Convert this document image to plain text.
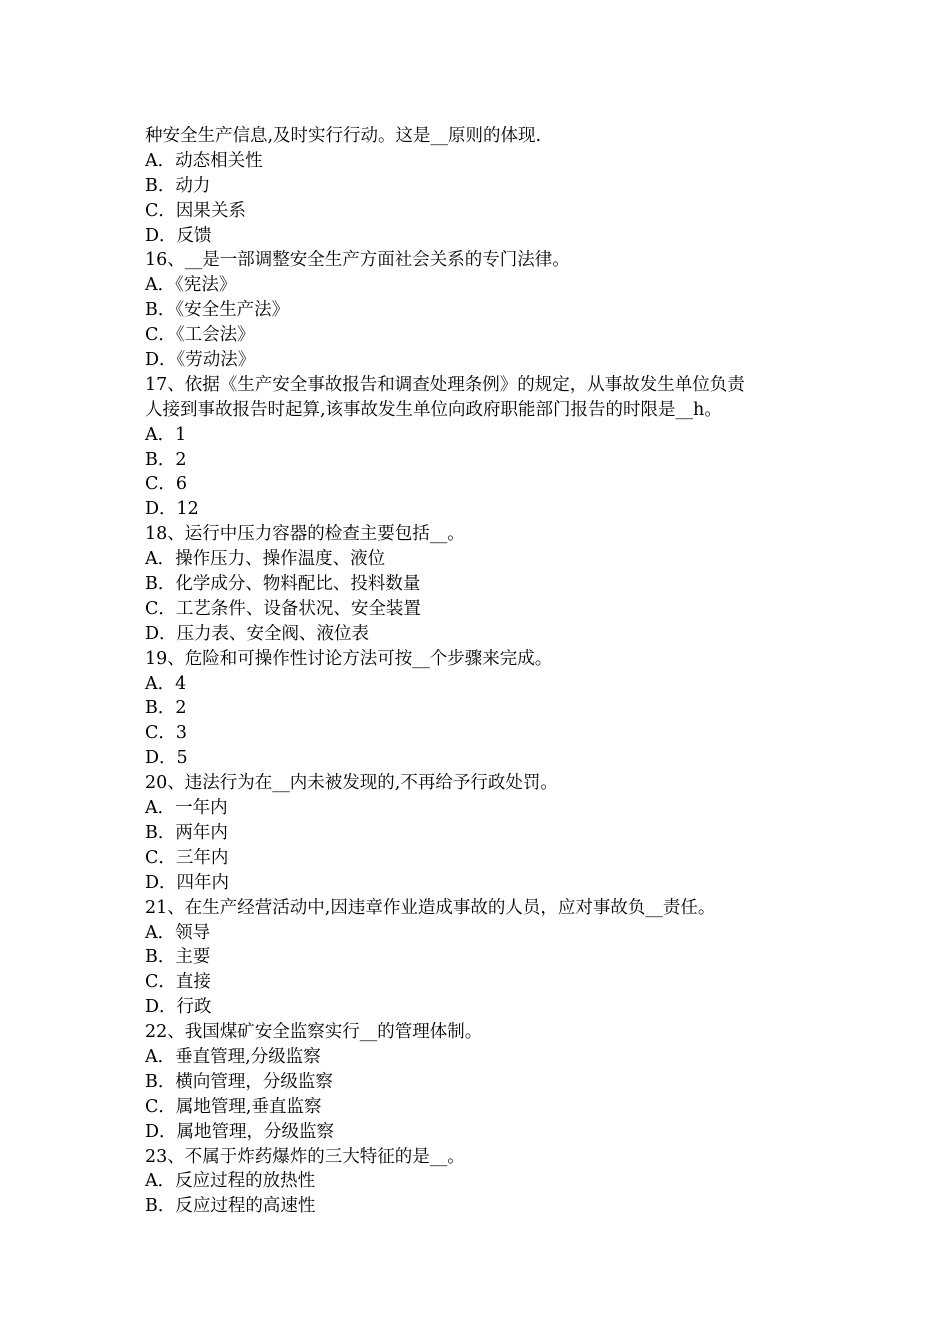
种安全生产信息,及时实行行动。这是__原则的体现.
A．动态相关性
B．动力
C．因果关系
D．反馈
16、__是一部调整安全生产方面社会关系的专门法律。
A．《宪法》
B．《安全生产法》
C．《工会法》
D．《劳动法》
17、依据《生产安全事故报告和调查处理条例》的规定，从事故发生单位负责
人接到事故报告时起算,该事故发生单位向政府职能部门报告的时限是__h。
A．1
B．2
C．6
D．12
18、运行中压力容器的检查主要包括__。
A．操作压力、操作温度、液位
B．化学成分、物料配比、投料数量
C．工艺条件、设备状况、安全装置
D．压力表、安全阀、液位表
19、危险和可操作性讨论方法可按__个步骤来完成。
A．4
B．2
C．3
D．5
20、违法行为在__内未被发现的,不再给予行政处罚。
A．一年内
B．两年内
C．三年内
D．四年内
21、在生产经营活动中,因违章作业造成事故的人员，应对事故负__责任。
A．领导
B．主要
C．直接
D．行政
22、我国煤矿安全监察实行__的管理体制。
A．垂直管理,分级监察
B．横向管理，分级监察
C．属地管理,垂直监察
D．属地管理，分级监察
23、不属于炸药爆炸的三大特征的是__。
A．反应过程的放热性
B．反应过程的高速性
